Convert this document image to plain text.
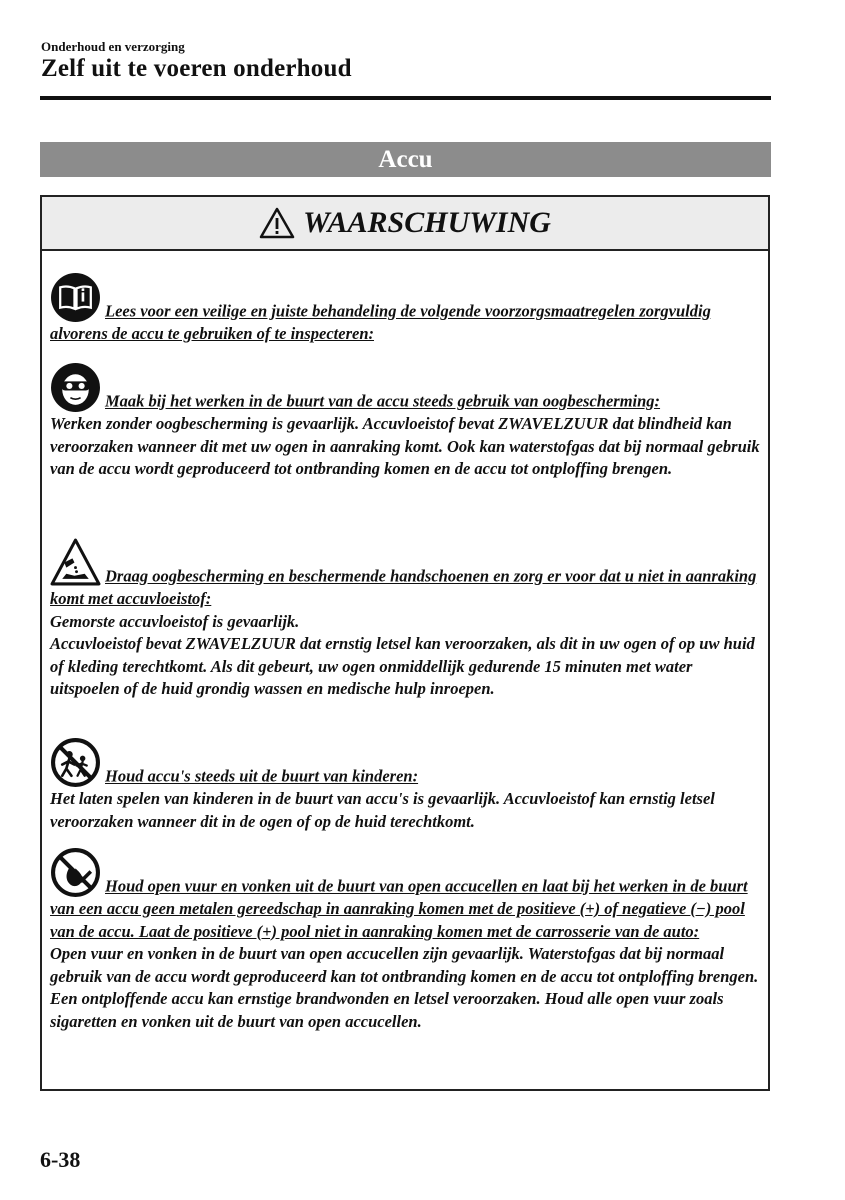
Onderhoud en verzorging
Zelf uit te voeren onderhoud
Accu
WAARSCHUWING
Lees voor een veilige en juiste behandeling de volgende voorzorgsmaatregelen zorgvuldig alvorens de accu te gebruiken of te inspecteren:
Maak bij het werken in de buurt van de accu steeds gebruik van oogbescherming:
Werken zonder oogbescherming is gevaarlijk. Accuvloeistof bevat ZWAVELZUUR dat blindheid kan veroorzaken wanneer dit met uw ogen in aanraking komt. Ook kan waterstofgas dat bij normaal gebruik van de accu wordt geproduceerd tot ontbranding komen en de accu tot ontploffing brengen.
Draag oogbescherming en beschermende handschoenen en zorg er voor dat u niet in aanraking komt met accuvloeistof:
Gemorste accuvloeistof is gevaarlijk.
Accuvloeistof bevat ZWAVELZUUR dat ernstig letsel kan veroorzaken, als dit in uw ogen of op uw huid of kleding terechtkomt. Als dit gebeurt, uw ogen onmiddellijk gedurende 15 minuten met water uitspoelen of de huid grondig wassen en medische hulp inroepen.
Houd accu's steeds uit de buurt van kinderen:
Het laten spelen van kinderen in de buurt van accu's is gevaarlijk. Accuvloeistof kan ernstig letsel veroorzaken wanneer dit in de ogen of op de huid terechtkomt.
Houd open vuur en vonken uit de buurt van open accucellen en laat bij het werken in de buurt van een accu geen metalen gereedschap in aanraking komen met de positieve (+) of negatieve (−) pool van de accu. Laat de positieve (+) pool niet in aanraking komen met de carrosserie van de auto:
Open vuur en vonken in de buurt van open accucellen zijn gevaarlijk. Waterstofgas dat bij normaal gebruik van de accu wordt geproduceerd kan tot ontbranding komen en de accu tot ontploffing brengen. Een ontploffende accu kan ernstige brandwonden en letsel veroorzaken. Houd alle open vuur zoals sigaretten en vonken uit de buurt van open accucellen.
6-38
